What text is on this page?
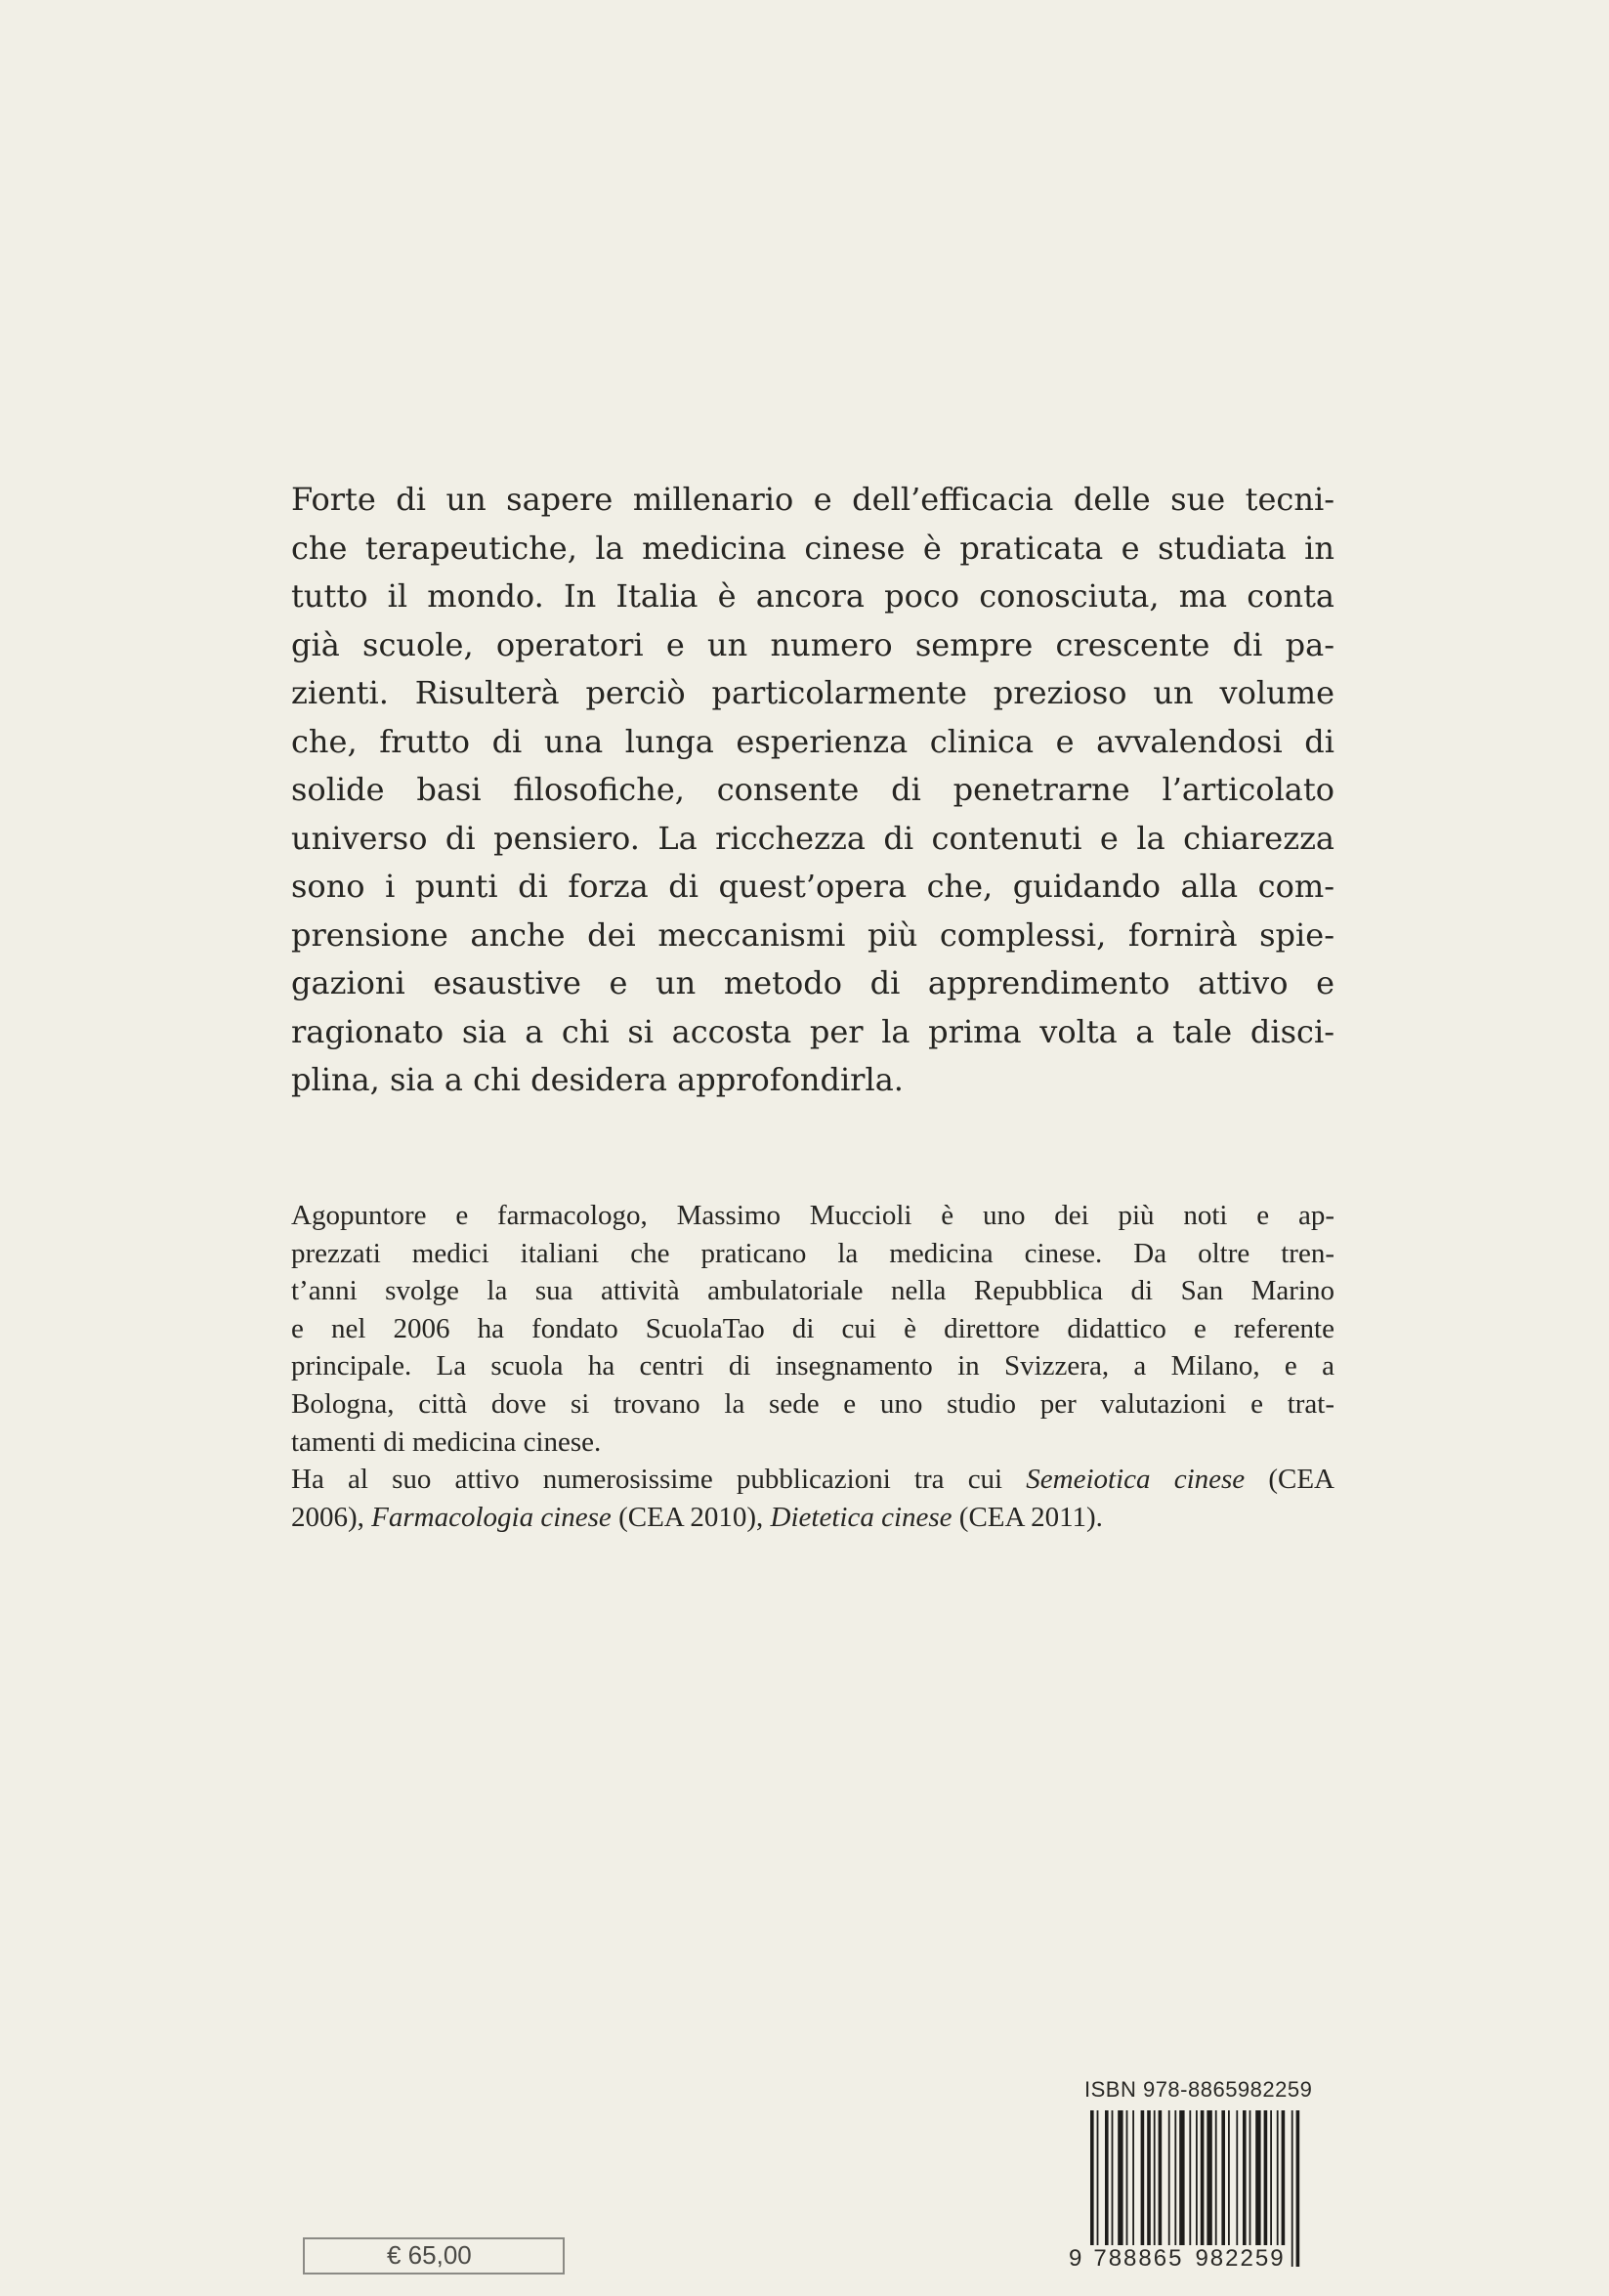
Forte di un sapere millenario e dell’efficacia delle sue tecni-
che terapeutiche, la medicina cinese è praticata e studiata in
tutto il mondo. In Italia è ancora poco conosciuta, ma conta
già scuole, operatori e un numero sempre crescente di pa-
zienti. Risulterà perciò particolarmente prezioso un volume
che, frutto di una lunga esperienza clinica e avvalendosi di
solide basi filosofiche, consente di penetrarne l’articolato
universo di pensiero. La ricchezza di contenuti e la chiarezza
sono i punti di forza di quest’opera che, guidando alla com-
prensione anche dei meccanismi più complessi, fornirà spie-
gazioni esaustive e un metodo di apprendimento attivo e
ragionato sia a chi si accosta per la prima volta a tale disci-
plina, sia a chi desidera approfondirla.
Agopuntore e farmacologo, Massimo Muccioli è uno dei più noti e ap-
prezzati medici italiani che praticano la medicina cinese. Da oltre tren-
t’anni svolge la sua attività ambulatoriale nella Repubblica di San Marino
e nel 2006 ha fondato ScuolaTao di cui è direttore didattico e referente
principale. La scuola ha centri di insegnamento in Svizzera, a Milano, e a
Bologna, città dove si trovano la sede e uno studio per valutazioni e trat-
tamenti di medicina cinese.
Ha al suo attivo numerosissime pubblicazioni tra cui Semeiotica cinese (CEA
2006), Farmacologia cinese (CEA 2010), Dietetica cinese (CEA 2011).
ISBN 978-8865982259
9 788865 982259
€ 65,00
